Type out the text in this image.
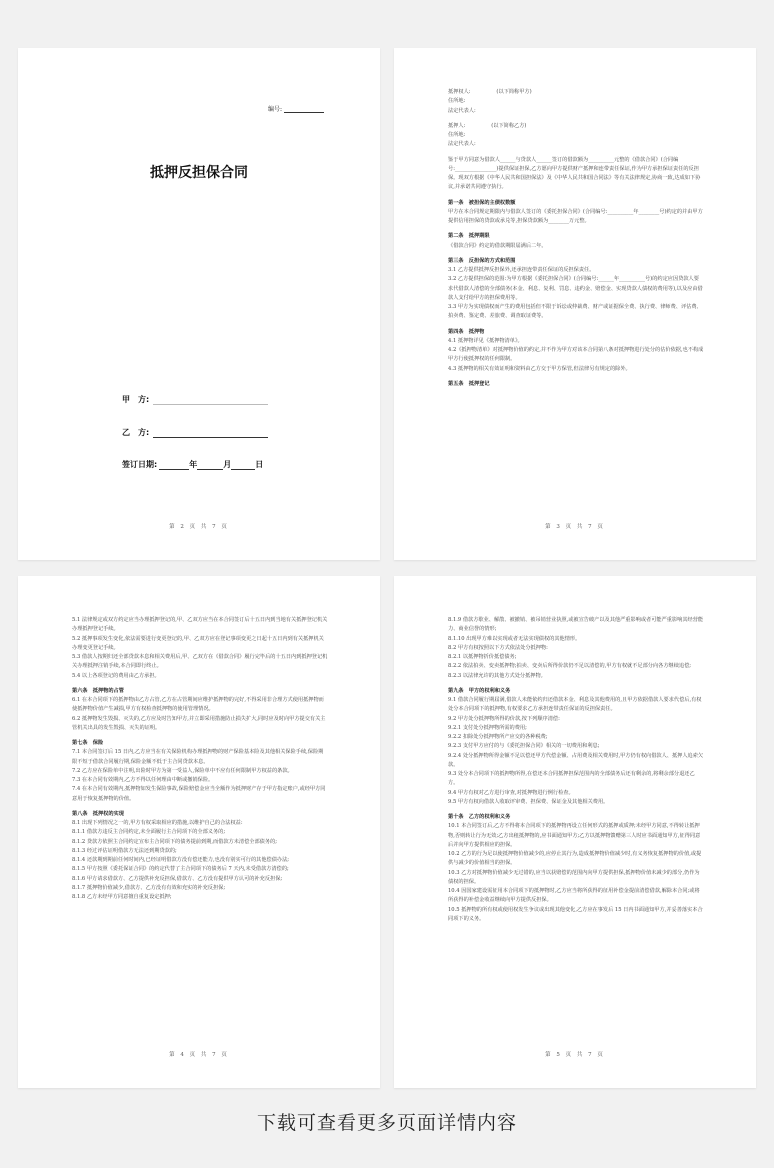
编号:
抵押反担保合同
甲　方:
乙　方:
签订日期:	年	月	日
第 2 页 共 7 页

抵押权人:　　　　　(以下简称甲方)

住所地:

法定代表人:

抵押人:　　　　　(以下简称乙方)

住所地:

法定代表人:

鉴于甲方同意为借款人______与贷款人______签订的借款额为__________元整的《借款合同》(合同编号:________________)提供保证担保,乙方愿向甲方提供财产抵押和连带责任保证,作为甲方承担保证责任的反担保。现双方根据《中华人民共和国担保法》及《中华人民共和国合同法》等有关法律规定,协商一致,达成如下协议,并承诺共同遵守执行。

第一条　被担保的主债权数额

甲方在本合同规定期限内与借款人签订的《委托担保合同》(合同编号:__________年________号)约定的并由甲方提供信用担保的贷款或承兑等,担保贷款额为________万元整。

第二条　抵押期限

《借款合同》约定的借款期限届满后二年。

第三条　反担保的方式和范围

3.1 乙方提供抵押反担保外,还承担连带责任保证的反担保责任。

3.2 乙方提供担保的范围:为甲方根据《委托担保合同》(合同编号:______年__________号)的约定应因贷款人要求代借款人清偿的全部债务(本金、利息、复利、罚息、违约金、赔偿金、实现贷款人债权的费用等),以及应由借款人支付给甲方的担保费用等。

3.3 甲方为实现债权而产生的费用包括但不限于诉讼或仲裁费、财产或证据保全费、执行费、律师费、评估费、拍卖费、鉴定费、差旅费、调查取证费等。

第四条　抵押物

4.1 抵押物详见《抵押物清单》。

4.2《抵押物清单》对抵押物价值的约定,并不作为甲方对该本合同第八条对抵押物进行处分的估价依据,也不构成甲方行使抵押权的任何限制。

4.3 抵押物的相关有效证明和资料由乙方交于甲方保管,但法律另有规定的除外。

第五条　抵押登记

第 3 页 共 7 页

5.1 法律规定或双方约定应当办理抵押登记的,甲、乙双方应当在本合同签订后十五日内到当地有关抵押登记机关办理抵押登记手续。

5.2 抵押事项发生变化,依法需要进行变更登记的,甲、乙双方应在登记事项变更之日起十五日内到有关抵押机关办理变更登记手续。

5.3 借款人按期归还全部贷款本息和相关费用后,甲、乙双方在《借款合同》履行完毕后的十五日内到抵押登记机关办理抵押注销手续,本合同即行终止。

5.4 以上各项登记的费用由乙方承担。

第六条　抵押物的占管

6.1 在本合同项下的抵押物由乙方占管,乙方在占管期间应维护抵押物的完好,不得采用非合理方式使用抵押物而使抵押物价值产生减损,甲方有权检查抵押物的使用管理情况。

6.2 抵押物发生毁损、灭失的,乙方应及时告知甲方,并立即采用措施防止损失扩大,同时应及时向甲方提交有关主管机关出具的发生毁损、灭失的证明。

第七条　保险

7.1 本合同签订后 15 日内,乙方应当在有关保险机构办理抵押物的财产保险基本险及其他相关保险手续,保险期限不短于借款合同履行期,保险金额不低于主合同贷款本息。

7.2 乙方应在保险单中注明,出险时甲方为第一受益人,保险单中不应有任何限制甲方权益的条款。

7.3 在本合同有效期内,乙方不得以任何理由中断或撤销保险。

7.4 在本合同有效期内,抵押物如发生保险事故,保险赔偿金应当全额作为抵押财产存于甲方指定账户,或经甲方同意用于恢复抵押物的价值。

第八条　抵押权的实现

8.1 出现下列情况之一的,甲方有权采取相应的措施,以维护自己的合法权益:

8.1.1 借款方违反主合同约定,未全面履行主合同项下的全部义务的;

8.1.2 贷款方依照主合同约定宣布主合同项下的债务提前到期,而借款方未清偿全部债务的;

8.1.3 经过评估证明借款方无法还到期贷款的;

8.1.4 还款期到期前任何时间内,已经证明借款方没有偿还能力,也没有别实可行的其他偿债办法;

8.1.5 甲方按照《委托保证合同》的约定代替了主合同项下的债务后 7 天内,未受借款方清偿的;

8.1.6 甲方请求借款方、乙方提供补充反担保,借款方、乙方没有提供甲方认可的补充反担保;

8.1.7 抵押物价值减少,借款方、乙方没有有效和充实的补充反担保;

8.1.8 乙方未经甲方同意擅自重复设定抵押;

第 4 页 共 7 页

8.1.9 借款方歇业、解散、被撤销、被吊销营业执照,或被宣告破产以及其他严重影响或者可能严重影响其经营能力、商业信誉的情形;

8.1.10 出现甲方难以实现或者无法实现债权的其他情形。

8.2 甲方有权按照以下方式依法处分抵押物:

8.2.1 以抵押物折价抵偿债务;

8.2.2 依法拍卖、变卖抵押物;拍卖、变卖后所得价款仍不足以清偿的,甲方有权就不足部分向各方继续追偿;

8.2.3 以法律允许的其他方式处分抵押物。

第九条　甲方的权利和义务

9.1 借款合同履行期届满,借款人未能依约归还借款本金、利息及其他费用的,且甲方依据借款人要求代偿后,有权处分本合同项下的抵押物,有权要求乙方承担连带责任保证的反担保责任。

9.2 甲方处分抵押物所得的价款,按下列顺序清偿:

9.2.1 支付处分抵押物所需的费用;

9.2.2 扣除处分抵押物所产应交的各种税费;

9.2.3 支付甲方应付的与《委托担保合同》相关的一切费用和利息;

9.2.4 处分抵押物所得金额不足以偿还甲方代偿金额、占用费及相关费用时,甲方仍有权向借款人、抵押人追索欠款。

9.3 处分本合同项下的抵押物所得,在偿还本合同抵押担保范围内的全部债务后还有剩余的,将剩余部分退还乙方。

9.4 甲方有权对乙方进行审查,对抵押物进行例行检查。

9.5 甲方有权向借款人收取评审费、担保费、保证金及其他相关费用。

第十条　乙方的权利和义务

10.1 本合同签订后,乙方不得将本合同项下的抵押物再设立任何形式的抵押或质押;未经甲方同意,不得转让抵押物,否则转让行为无效;乙方出租抵押物的,应书面通知甲方;乙方以抵押物馈赠第三人时应书面通知甲方,征得同意后并向甲方提供相应的担保。

10.2 乙方的行为足以使抵押物价值减少的,应停止其行为,造成抵押物价值减少时,有义务恢复抵押物的价值,或提供与减少的价值相当的担保。

10.3 乙方对抵押物价值减少无过错的,应当以获赔偿的范围内向甲方提供担保,抵押物价值未减少的部分,仍作为债权的担保。

10.4 因国家建设需征用本合同项下的抵押物时,乙方应当将所获得的征用补偿金提前清偿借款,解除本合同;或将所获得的补偿金收益继续向甲方提供反担保。

10.5 抵押物的所有权或使用权发生争议或出现其他变化,乙方应在事发后 15 日内书面通知甲方,并妥善落实本合同项下的义务。

第 5 页 共 7 页
下载可查看更多页面详情内容
